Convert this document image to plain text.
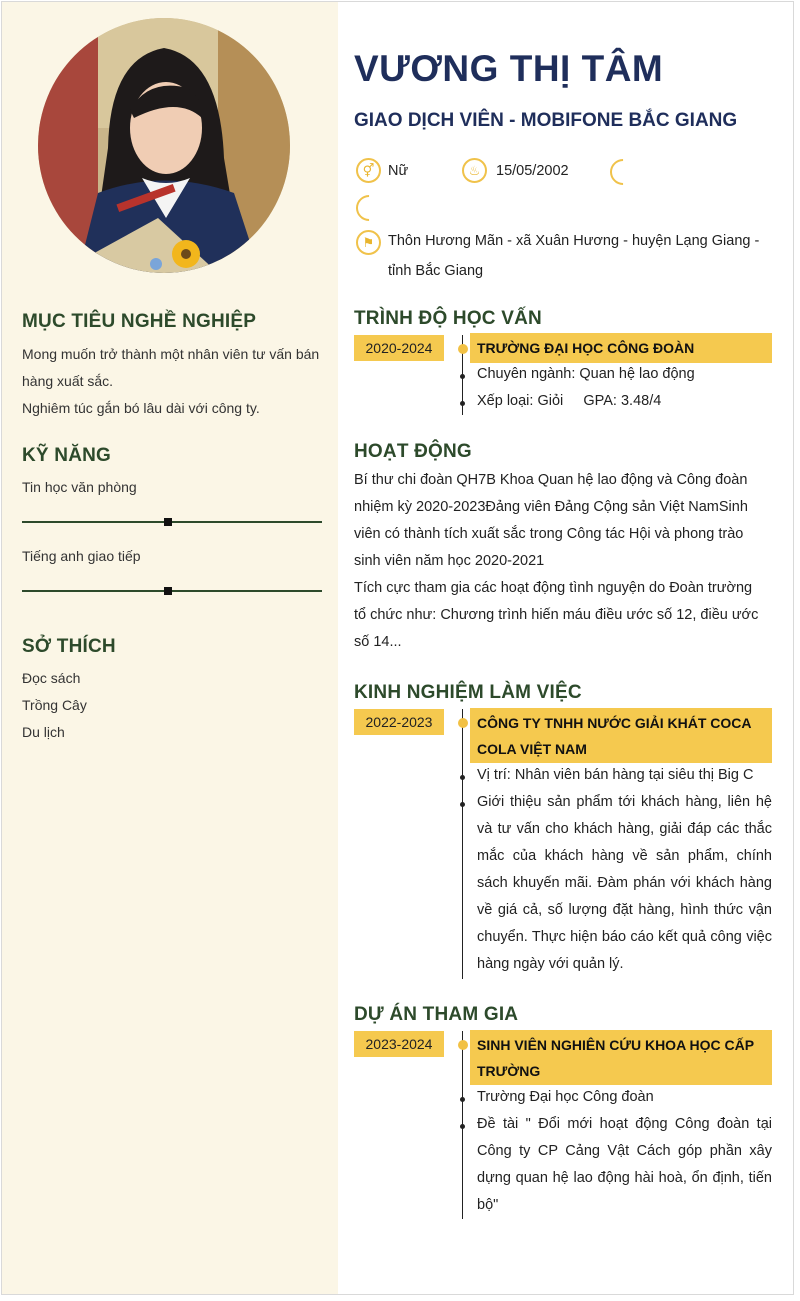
MỤC TIÊU NGHỀ NGHIỆP
Mong muốn trở thành một nhân viên tư vấn bán
hàng xuất sắc.
Nghiêm túc gắn bó lâu dài với công ty.
KỸ NĂNG
Tin học văn phòng
Tiếng anh giao tiếp
SỞ THÍCH
Đọc sách
Trồng Cây
Du lịch
VƯƠNG THỊ TÂM
GIAO DỊCH VIÊN - MOBIFONE BẮC GIANG
⚥ Nữ	♨	15/05/2002
⚑ Thôn Hương Mãn - xã Xuân Hương - huyện Lạng Giang -
tỉnh Bắc Giang
TRÌNH ĐỘ HỌC VẤN
2020-2024	TRƯỜNG ĐẠI HỌC CÔNG ĐOÀN
Chuyên ngành: Quan hệ lao động
Xếp loại: Giỏi     GPA: 3.48/4
HOẠT ĐỘNG
Bí thư chi đoàn QH7B Khoa Quan hệ lao động và Công đoàn
nhiệm kỳ 2020-2023Đảng viên Đảng Cộng sản Việt NamSinh
viên có thành tích xuất sắc trong Công tác Hội và phong trào
sinh viên năm học 2020-2021
Tích cực tham gia các hoạt động tình nguyện do Đoàn trường
tổ chức như: Chương trình hiến máu điều ước số 12, điều ước
số 14...
KINH NGHIỆM LÀM VIỆC
2022-2023	CÔNG TY TNHH NƯỚC GIẢI KHÁT COCA COLA VIỆT NAM
Vị trí: Nhân viên bán hàng tại siêu thị Big C
Giới thiệu sản phẩm tới khách hàng, liên hệ và tư vấn cho khách hàng, giải đáp các thắc mắc của khách hàng về sản phẩm, chính sách khuyến mãi. Đàm phán với khách hàng về giá cả, số lượng đặt hàng, hình thức vận chuyển. Thực hiện báo cáo kết quả công việc hàng ngày với quản lý.
DỰ ÁN THAM GIA
2023-2024	SINH VIÊN NGHIÊN CỨU KHOA HỌC CẤP TRƯỜNG
Trường Đại học Công đoàn
Đề tài " Đổi mới hoạt động Công đoàn tại Công ty CP Cảng Vật Cách góp phần xây dựng quan hệ lao động hài hoà, ổn định, tiến bộ"
